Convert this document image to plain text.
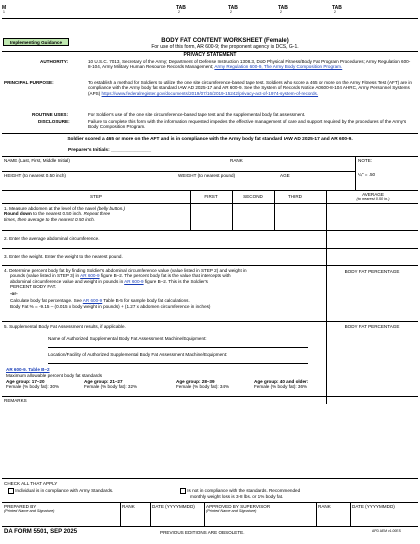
M	TAB	TAB	TAB	TAB
1	2	2	2	2
Implementing Guidance	BODY FAT CONTENT WORKSHEET (Female)
For use of this form, AR 600-9; the proponent agency is DCS, G-1.
PRIVACY STATEMENT
AUTHORITY:	10 U.S.C. 7013, Secretary of the Army; Department of Defense Instruction 1308.3, DoD Physical Fitness/Body Fat Program Procedures; Army Regulation 600-8-104, Army Military Human Resource Records Management; Army Regulation 600-9, The Army Body Composition Program.
PRINCIPAL PURPOSE:	To establish a method for Soldiers to utilize the one site circumference-based tape test. Soldiers who score a 465 or more on the Army Fitness Test (AFT) are in compliance with the Army body fat standard IAW AD 2025-17 and AR 600-9. See the System of Records Notice A0600-8-104 AHRC, Army Personnel Systems (APS) https://www.federalregister.gov/documents/2019/07/16/2019-15242/privacy-act-of-1974-system-of-records.
ROUTINE USES:	For Soldier's use of the one site circumference-based tape test and the supplemental body fat assessment.
DISCLOSURE:	Failure to complete this form with the information requested impedes the effective management of care and support required by the procedures of the Army's Body Composition Program.
Soldier scored a 465 or more on the AFT and is in compliance with the Army body fat standard IAW AD 2025-17 and AR 600-9.
Preparer's Initials: _______________
NAME (Last, First, Middle Initial)	RANK	NOTE:
HEIGHT (to nearest 0.50 inch)	WEIGHT (to nearest pound)	AGE	¼" = .50
STEP	FIRST	SECOND	THIRD	AVERAGE
(to nearest 0.50 in.)
1. Measure abdomen at the level of the navel (belly button.)
Round down to the nearest 0.50 inch. Repeat three
times, then average to the nearest 0.50 inch.
2. Enter the average abdominal circumference.
3. Enter the weight. Enter the weight to the nearest pound.
4. Determine percent body fat by finding Soldier's abdominal circumference value (value listed in STEP 2) and weight in
pounds (value listed in STEP 3) in AR 600-9 figure B–2. The percent body fat is the value that intercepts with
abdominal circumference value and weight in pounds in AR 600-9 figure B–2. This is the Soldier's
PERCENT BODY FAT.
-or-
Calculate body fat percentage. See AR 600-9 Table B-5 for sample body fat calculations.
Body Fat % = -9.15 – (0.015 x body weight in pounds) + (1.27 x abdomen circumference in inches)
BODY FAT PERCENTAGE
5. Supplemental Body Fat Assessment results, if applicable.	BODY FAT PERCENTAGE
Name of Authorized Supplemental Body Fat Assessment Machine/Equipment:
Location/Facility of Authorized Supplemental Body Fat Assessment Machine/Equipment:
AR 600-9. Table B–2
Maximum allowable percent body fat standards
Age group: 17–20
Female (% body fat): 30%
Age group: 21–27
Female (% body fat): 32%
Age group: 28–39
Female (% body fat): 34%
Age group: 40 and older:
Female (% body fat): 36%
REMARKS
CHECK ALL THAT APPLY
Individual is in compliance with Army Standards.	Is not in compliance with the standards. Recommended
monthly weight loss is 3-8 lbs. or 1% body fat.
PREPARED BY
(Printed Name and Signature)
RANK	DATE (YYYYMMDD) APPROVED BY SUPERVISOR
(Printed Name and Signature)
RANK	DATE (YYYYMMDD)
DA FORM 5501, SEP 2025	PREVIOUS EDITIONS ARE OBSOLETE.	APD AEM v1.00ES
